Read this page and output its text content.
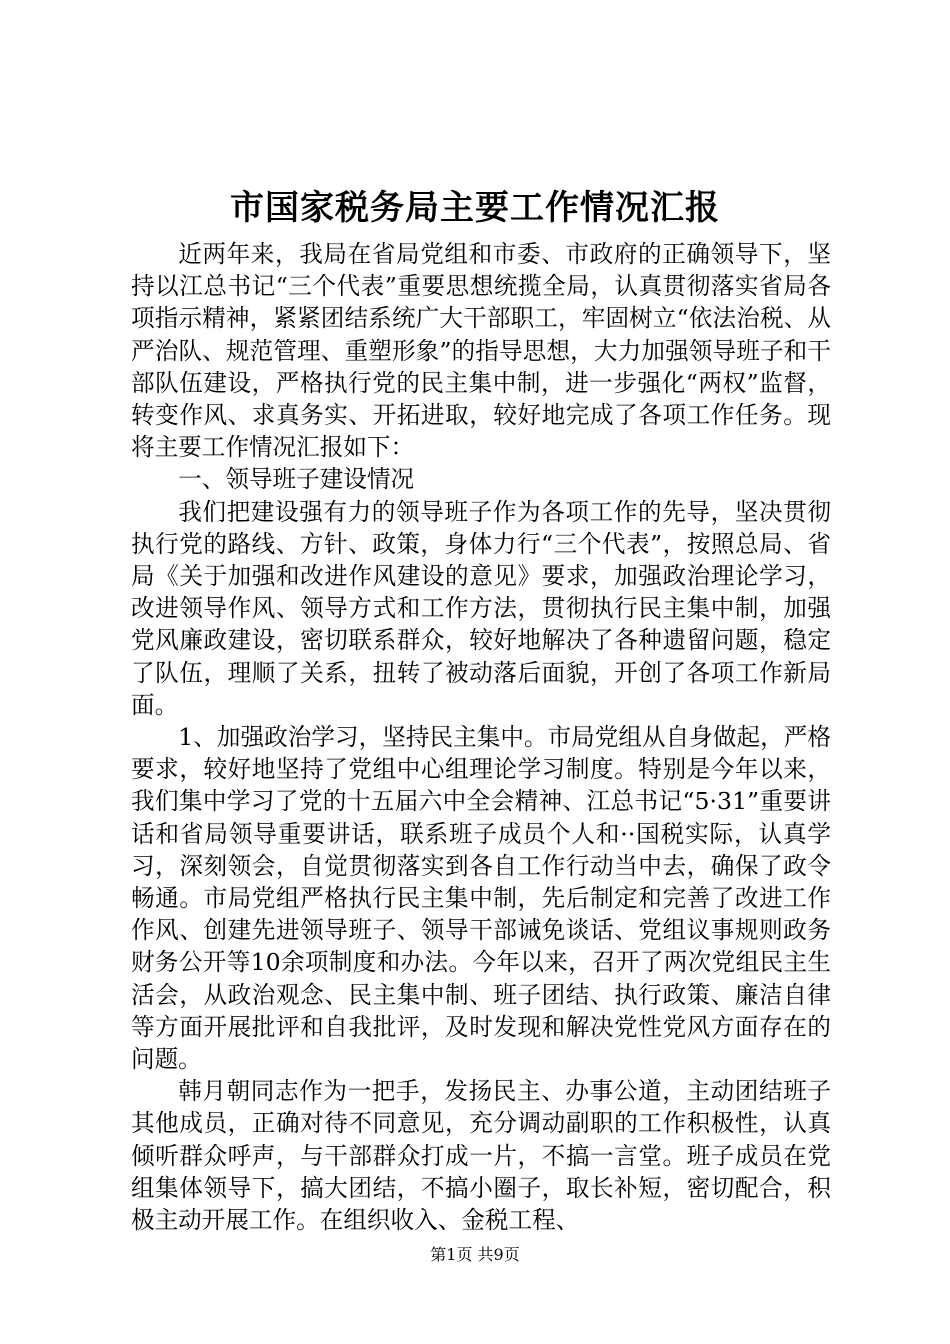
市国家税务局主要工作情况汇报

近两年来，我局在省局党组和市委、市政府的正确领导下，坚持以江总书记“三个代表”重要思想统揽全局，认真贯彻落实省局各项指示精神，紧紧团结系统广大干部职工，牢固树立“依法治税、从严治队、规范管理、重塑形象”的指导思想，大力加强领导班子和干部队伍建设，严格执行党的民主集中制，进一步强化“两权”监督，转变作风、求真务实、开拓进取，较好地完成了各项工作任务。现将主要工作情况汇报如下：

一、领导班子建设情况

我们把建设强有力的领导班子作为各项工作的先导，坚决贯彻执行党的路线、方针、政策，身体力行“三个代表”，按照总局、省局《关于加强和改进作风建设的意见》要求，加强政治理论学习，改进领导作风、领导方式和工作方法，贯彻执行民主集中制，加强党风廉政建设，密切联系群众，较好地解决了各种遗留问题，稳定了队伍，理顺了关系，扭转了被动落后面貌，开创了各项工作新局面。

1、加强政治学习，坚持民主集中。市局党组从自身做起，严格要求，较好地坚持了党组中心组理论学习制度。特别是今年以来，我们集中学习了党的十五届六中全会精神、江总书记“5·31”重要讲话和省局领导重要讲话，联系班子成员个人和··国税实际，认真学习，深刻领会，自觉贯彻落实到各自工作行动当中去，确保了政令畅通。市局党组严格执行民主集中制，先后制定和完善了改进工作作风、创建先进领导班子、领导干部诫免谈话、党组议事规则政务财务公开等10余项制度和办法。今年以来，召开了两次党组民主生活会，从政治观念、民主集中制、班子团结、执行政策、廉洁自律等方面开展批评和自我批评，及时发现和解决党性党风方面存在的问题。

韩月朝同志作为一把手，发扬民主、办事公道，主动团结班子其他成员，正确对待不同意见，充分调动副职的工作积极性，认真倾听群众呼声，与干部群众打成一片，不搞一言堂。班子成员在党组集体领导下，搞大团结，不搞小圈子，取长补短，密切配合，积极主动开展工作。在组织收入、金税工程、

第1页 共9页
